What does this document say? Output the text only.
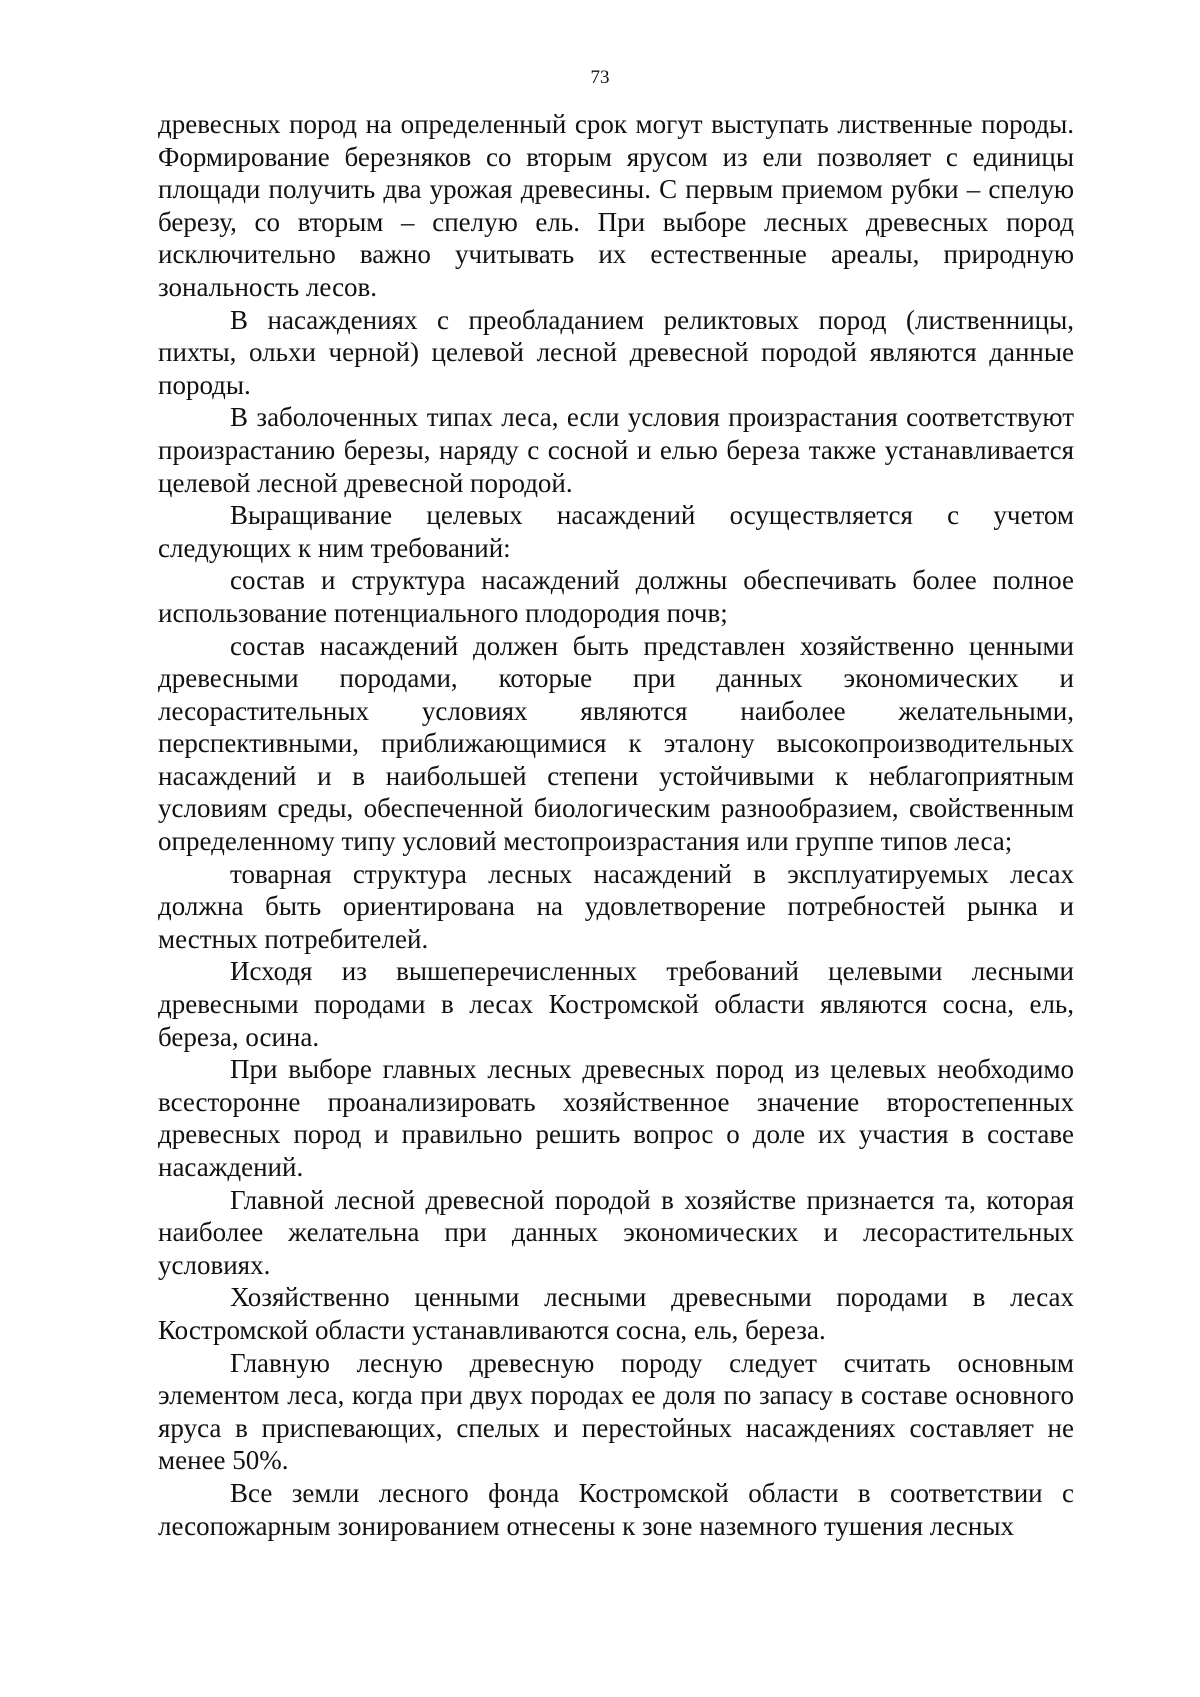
73

древесных пород на определенный срок могут выступать лиственные породы. Формирование березняков со вторым ярусом из ели позволяет с единицы площади получить два урожая древесины. С первым приемом рубки – спелую березу, со вторым – спелую ель. При выборе лесных древесных пород исключительно важно учитывать их естественные ареалы, природную зональность лесов.

В насаждениях с преобладанием реликтовых пород (лиственницы, пихты, ольхи черной) целевой лесной древесной породой являются данные породы.

В заболоченных типах леса, если условия произрастания соответствуют произрастанию березы, наряду с сосной и елью береза также устанавливается целевой лесной древесной породой.

Выращивание целевых насаждений осуществляется с учетом следующих к ним требований:

состав и структура насаждений должны обеспечивать более полное использование потенциального плодородия почв;

состав насаждений должен быть представлен хозяйственно ценными древесными породами, которые при данных экономических и лесорастительных условиях являются наиболее желательными, перспективными, приближающимися к эталону высокопроизводительных насаждений и в наибольшей степени устойчивыми к неблагоприятным условиям среды, обеспеченной биологическим разнообразием, свойственным определенному типу условий местопроизрастания или группе типов леса;

товарная структура лесных насаждений в эксплуатируемых лесах должна быть ориентирована на удовлетворение потребностей рынка и местных потребителей.

Исходя из вышеперечисленных требований целевыми лесными древесными породами в лесах Костромской области являются сосна, ель, береза, осина.

При выборе главных лесных древесных пород из целевых необходимо всесторонне проанализировать хозяйственное значение второстепенных древесных пород и правильно решить вопрос о доле их участия в составе насаждений.

Главной лесной древесной породой в хозяйстве признается та, которая наиболее желательна при данных экономических и лесорастительных условиях.

Хозяйственно ценными лесными древесными породами в лесах Костромской области устанавливаются сосна, ель, береза.

Главную лесную древесную породу следует считать основным элементом леса, когда при двух породах ее доля по запасу в составе основного яруса в приспевающих, спелых и перестойных насаждениях составляет не менее 50%.

Все земли лесного фонда Костромской области в соответствии с лесопожарным зонированием отнесены к зоне наземного тушения лесных
